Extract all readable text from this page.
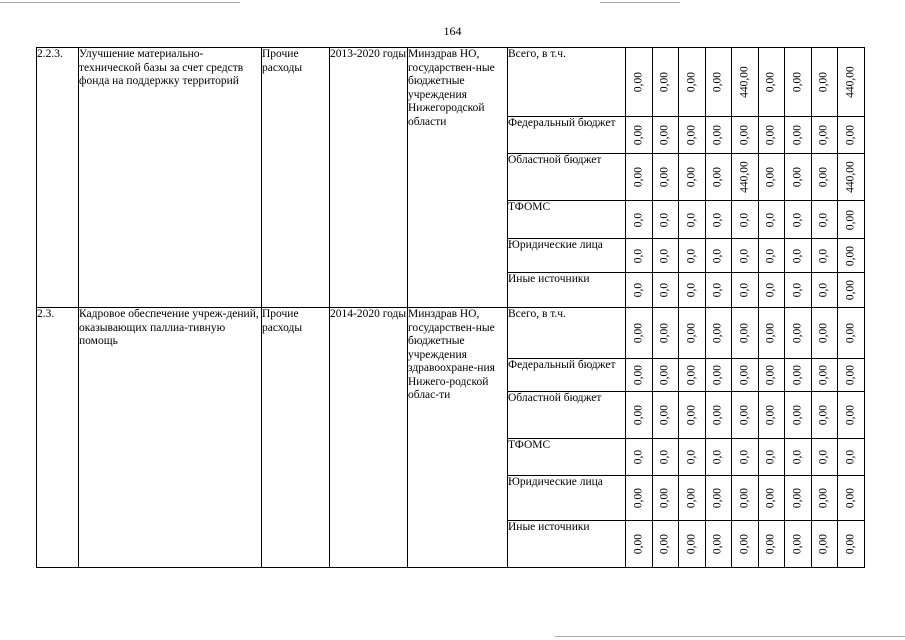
164
2.2.3.	Улучшение материально-техническoй базы за счет средств фонда на поддержку территорий	Прочие расходы	2013-2020 годы	Минздрав НО, государствен-ные бюджетные учреждения Нижегородской области	Всего, в т.ч.	0,00	0,00	0,00	0,00	440,00	0,00	0,00	0,00	440,00

					Федеральный бюджет	0,00	0,00	0,00	0,00	0,00	0,00	0,00	0,00	0,00

					Областной бюджет	0,00	0,00	0,00	0,00	440,00	0,00	0,00	0,00	440,00

					ТФОМС	0,0	0,0	0,0	0,0	0,0	0,0	0,0	0,0	0,00

					Юридические лица	0,0	0,0	0,0	0,0	0,0	0,0	0,0	0,0	0,00

					Иные источники	0,0	0,0	0,0	0,0	0,0	0,0	0,0	0,0	0,00

2.3.	Кадровое обеспечение учреж-дений, оказывающих паллиа-тивную помощь	Прочие расходы	2014-2020 годы	Минздрав НО, государствен-ные бюджетные учреждения здравоохране-ния Нижего-родской облас-ти	Всего, в т.ч.	0,00	0,00	0,00	0,00	0,00	0,00	0,00	0,00	0,00

					Федеральный бюджет	0,00	0,00	0,00	0,00	0,00	0,00	0,00	0,00	0,00

					Областной бюджет	0,00	0,00	0,00	0,00	0,00	0,00	0,00	0,00	0,00

					ТФОМС	0,0	0,0	0,0	0,0	0,0	0,0	0,0	0,0	0,0

					Юридические лица	0,00	0,00	0,00	0,00	0,00	0,00	0,00	0,00	0,00

					Иные источники	0,00	0,00	0,00	0,00	0,00	0,00	0,00	0,00	0,00
